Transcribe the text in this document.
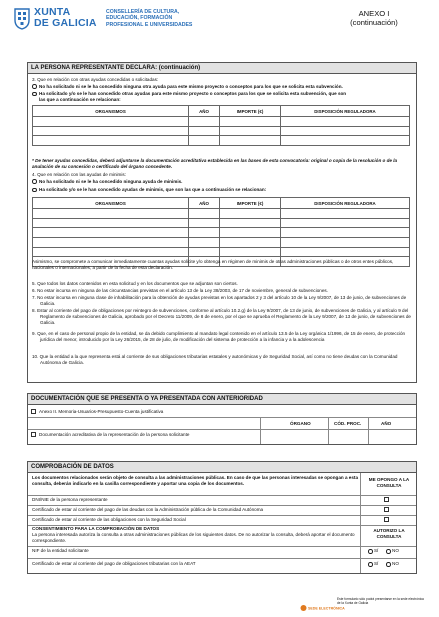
XUNTA
DE GALICIA
CONSELLERÍA DE CULTURA,
EDUCACIÓN, FORMACIÓN
PROFESIONAL E UNIVERSIDADES
ANEXO I
(continuación)
LA PERSONA REPRESENTANTE DECLARA: (continuación)
3. Que en relación con otras ayudas concedidas o solicitadas:
No ha solicitado ni se le ha concedido ninguna otra ayuda para este mismo proyecto o conceptos para los que se solicita esta subvención.
Ha solicitado y/o se le han concedido otras ayudas para este mismo proyecto o conceptos para los que se solicita esta subvención, que son
las que a continuación se relacionan:
ORGANISMOS	AÑO	IMPORTE (€)	DISPOSICIÓN REGULADORA

* De tener ayudas concedidas, deberá adjuntarse la documentación acreditativa establecida en las bases de esta convocatoria: original o copia de la resolución o de la anulación de su concesión o certificado del órgano concedente.
4. Que en relación con las ayudas de minimis:
No ha solicitado ni se le ha concedido ninguna ayuda de minimis.
Ha solicitado y/o se le han concedido ayudas de minimis, que son las que a continuación se relacionan:
ORGANISMOS	AÑO	IMPORTE (€)	DISPOSICIÓN REGULADORA

Asimismo, se compromete a comunicar inmediatamente cuantas ayudas solicite y/o obtenga en régimen de minimis de otras administraciones públicas o de otros entes públicos, nacionales o internacionales, a partir de la fecha de esta declaración.
5. Que todos los datos contenidos en esta solicitud y en los documentos que se adjuntan son ciertos.
6. No estar incursa en ninguna de las circunstancias previstas en el artículo 13 de la Ley 38/2003, de 17 de noviembre, general de subvenciones.
7. No estar incursa en ninguna clase de inhabilitación para la obtención de ayudas previstas en los apartados 2 y 3 del artículo 10 de la Ley 9/2007, de 13 de junio, de subvenciones de Galicia.
8. Estar al corriente del pago de obligaciones por reintegro de subvenciones, conforme al artículo 10.2.g) de la Ley 9/2007, de 13 de junio, de subvenciones de Galicia, y al artículo 9 del Reglamento de subvenciones de Galicia, aprobado por el Decreto 11/2009, de 8 de enero, por el que se aprueba el Reglamento de la Ley 9/2007, de 13 de junio, de subvenciones de Galicia.
9. Que, en el caso de personal propio de la entidad, se da debido cumplimiento al mandato legal contenido en el artículo 13.5 de la Ley orgánica 1/1996, de 15 de enero, de protección jurídica del menor, introducido por la Ley 26/2015, de 28 de julio, de modificación del sistema de protección a la infancia y a la adolescencia
10. Que la entidad a la que representa está al corriente de sus obligaciones tributarias estatales y autonómicas y de Seguridad Social, así como no tiene deudas con la Comunidad Autónoma de Galicia.
DOCUMENTACIÓN QUE SE PRESENTA O YA PRESENTADA CON ANTERIORIDAD
Anexo II. Memoria-Usuarios-Presupuesto-Cuenta justificativa
ÓRGANO	CÓD. PROC.	AÑO
Documentación acreditativa de la representación de la persona solicitante
COMPROBACIÓN DE DATOS
Los documentos relacionados serán objeto de consulta a las administraciones públicas. En caso de que las personas interesadas se opongan a esta consulta, deberán indicarlo en la casilla correspondiente y aportar una copia de los documentos.
ME OPONGO A LA CONSULTA
DNI/NIE de la persona representante
Certificado de estar al corriente del pago de las deudas con la Administración pública de la Comunidad Autónoma
Certificado de estar al corriente de las obligaciones con la Seguridad Social
CONSENTIMIENTO PARA LA COMPROBACIÓN DE DATOS
La persona interesada autoriza la consulta a otras administraciones públicas de los siguientes datos. De no autorizar la consulta, deberá aportar el documento correspondiente.
AUTORIZO LA CONSULTA
NIF de la entidad solicitante	SÍ	NO
Certificado de estar al corriente del pago de obligaciones tributarias con la AEAT	SÍ	NO
SEDE ELECTRÓNICA
Este formulario sólo podrá presentarse en la sede electrónica de la Xunta de Galicia
